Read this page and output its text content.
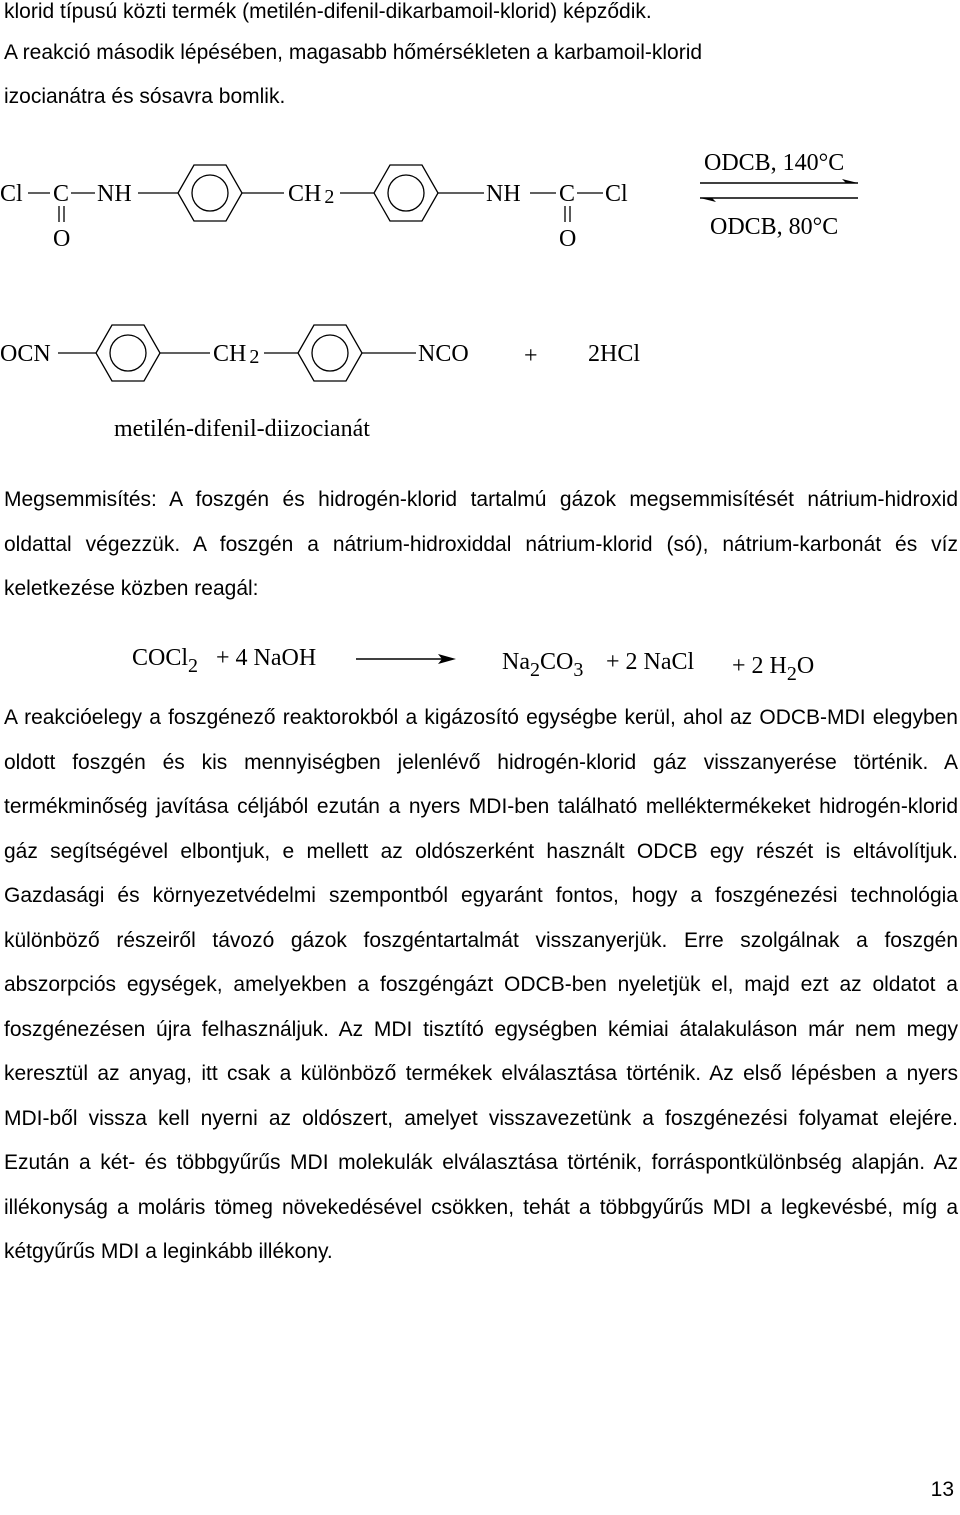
klorid típusú közti termék (metilén-difenil-dikarbamoil-klorid) képződik.

A reakció második lépésében, magasabb hőmérsékleten a karbamoil-klorid
izocianátra és sósavra bomlik.

Cl C NH
O
CH 2	NH C Cl
O
ODCB, 140°C
ODCB, 80°C
OCN	CH 2	NCO + 2HCl
metilén-difenil-diizocianát

Megsemmisítés: A foszgén és hidrogén-klorid tartalmú gázok megsemmisítését nátrium-hidroxid oldattal végezzük. A foszgén a nátrium-hidroxiddal nátrium-klorid (só), nátrium-karbonát és víz keletkezése közben reagál:

COCl$_2$ + 4 NaOH	$Na_2CO_3 + 2$ NaCl + 2 $H_2O$

A reakcióelegy a foszgénező reaktorokból a kigázosító egységbe kerül, ahol az ODCB-MDI elegyben oldott foszgén és kis mennyiségben jelenlévő hidrogén-klorid gáz visszanyerése történik. A termékminőség javítása céljából ezután a nyers MDI-ben található melléktermékeket hidrogén-klorid gáz segítségével elbontjuk, e mellett az oldószerként használt ODCB egy részét is eltávolítjuk. Gazdasági és környezetvédelmi szempontból egyaránt fontos, hogy a foszgénezési technológia különböző részeiről távozó gázok foszgéntartalmát visszanyerjük. Erre szolgálnak a foszgén abszorpciós egységek, amelyekben a foszgéngázt ODCB-ben nyeletjük el, majd ezt az oldatot a foszgénezésen újra felhasználjuk. Az MDI tisztító egységben kémiai átalakuláson már nem megy keresztül az anyag, itt csak a különböző termékek elválasztása történik. Az első lépésben a nyers MDI-ből vissza kell nyerni az oldószert, amelyet visszavezetünk a foszgénezési folyamat elejére. Ezután a két- és többgyűrűs MDI molekulák elválasztása történik, forráspontkülönbség alapján. Az illékonyság a moláris tömeg növekedésével csökken, tehát a többgyűrűs MDI a legkevésbé, míg a kétgyűrűs MDI a leginkább illékony.

13
